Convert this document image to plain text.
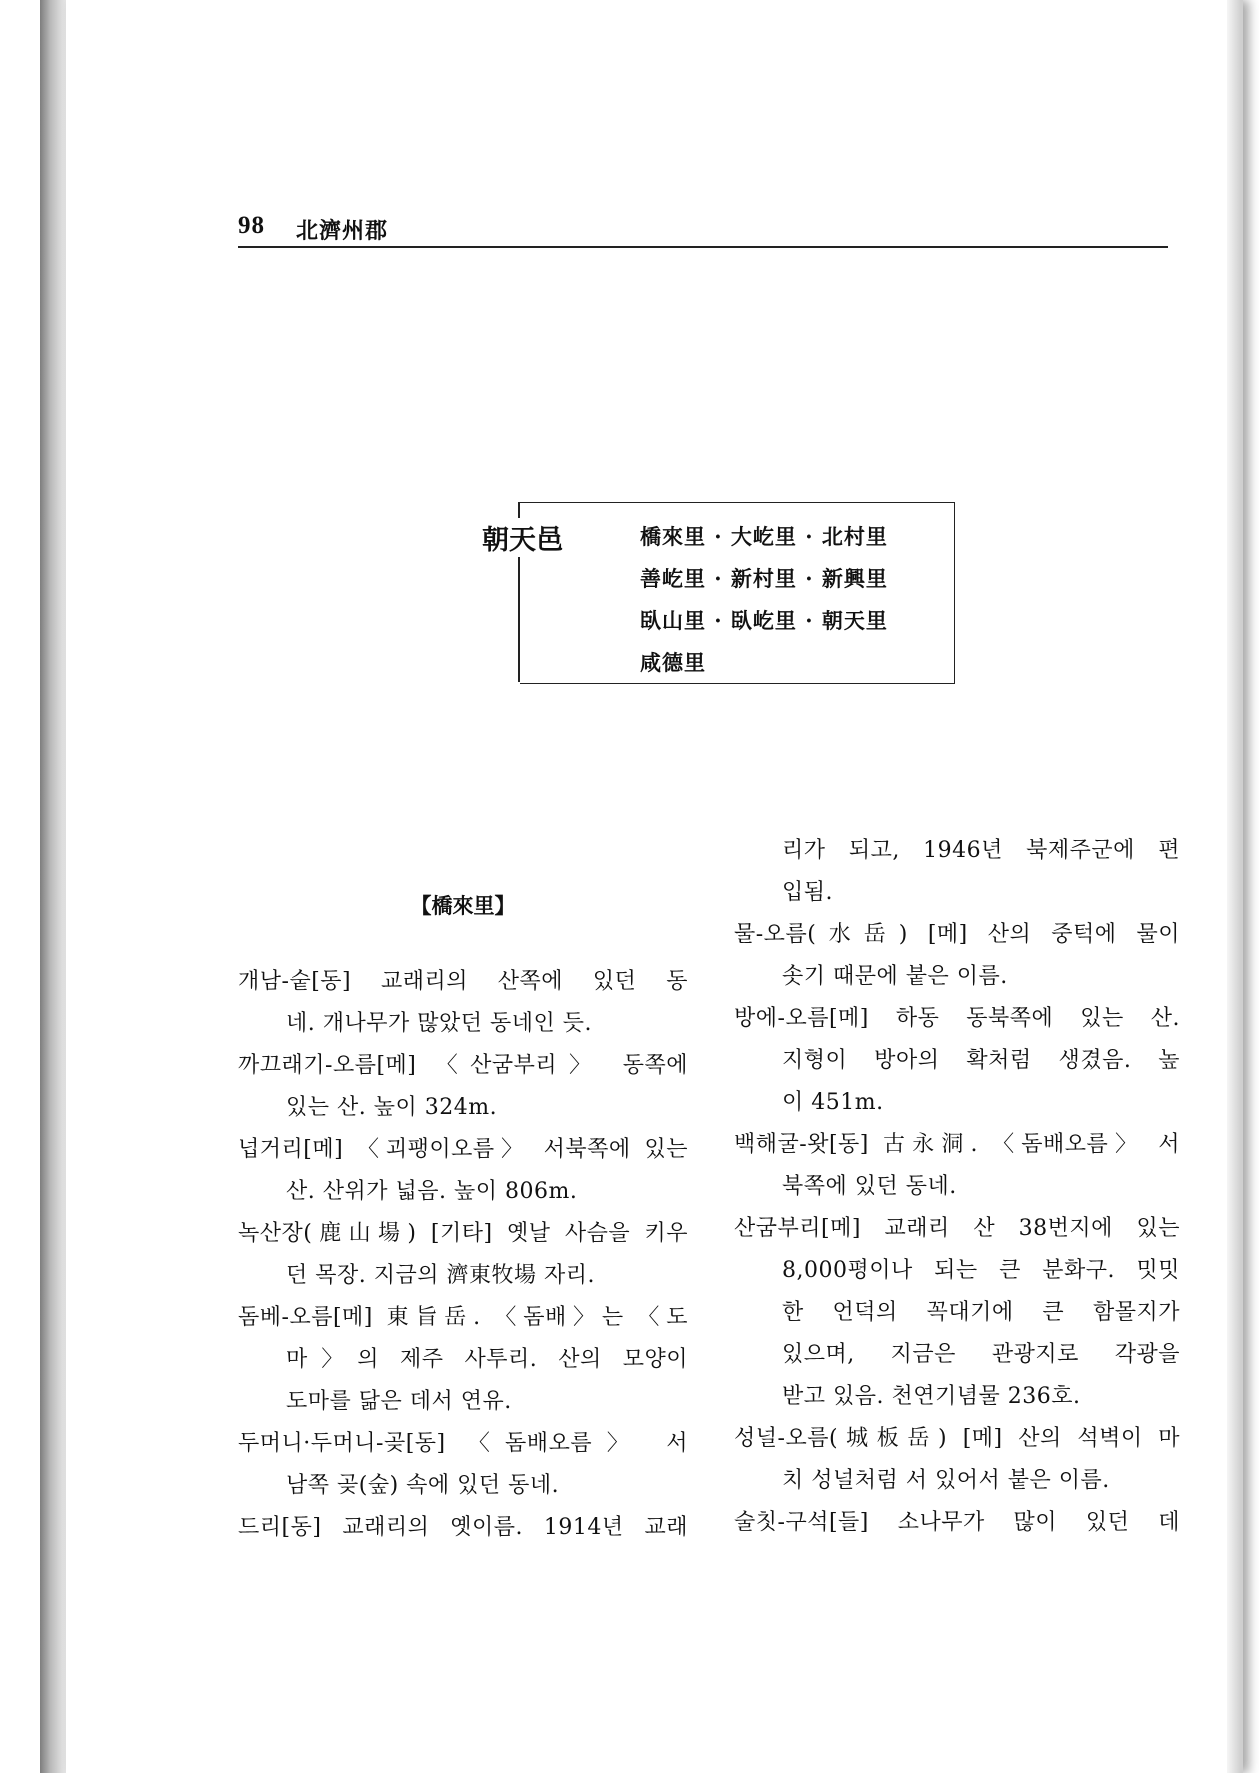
98 北濟州郡
朝天邑	橋來里 · 大屹里 · 北村里
善屹里 · 新村里 · 新興里
臥山里 · 臥屹里 · 朝天里
咸德里
【橋來里】
개남-숱[동] 교래리의 산쪽에 있던 동
네. 개나무가 많았던 동네인 듯.
까끄래기-오름[메] 〈산굼부리〉 동쪽에
있는 산. 높이 324m.
넙거리[메] 〈괴팽이오름〉 서북쪽에 있는
산. 산위가 넓음. 높이 806m.
녹산장(鹿山場) [기타] 옛날 사슴을 키우
던 목장. 지금의 濟東牧場 자리.
돔베-오름[메] 東旨岳. 〈돔배〉는 〈도
마〉의 제주 사투리. 산의 모양이
도마를 닮은 데서 연유.
두머니·두머니-곶[동] 〈돔배오름〉 서
남쪽 곶(숲) 속에 있던 동네.
드리[동] 교래리의 옛이름. 1914년 교래
리가 되고, 1946년 북제주군에 편
입됨.
물-오름(水岳) [메] 산의 중턱에 물이
솟기 때문에 붙은 이름.
방에-오름[메] 하동 동북쪽에 있는 산.
지형이 방아의 확처럼 생겼음. 높
이 451m.
백해굴-왓[동] 古永洞. 〈돔배오름〉 서
북쪽에 있던 동네.
산굼부리[메] 교래리 산 38번지에 있는
8,000평이나 되는 큰 분화구. 밋밋
한 언덕의 꼭대기에 큰 함몰지가
있으며, 지금은 관광지로 각광을
받고 있음. 천연기념물 236호.
성널-오름(城板岳) [메] 산의 석벽이 마
치 성널처럼 서 있어서 붙은 이름.
술칫-구석[들] 소나무가 많이 있던 데
